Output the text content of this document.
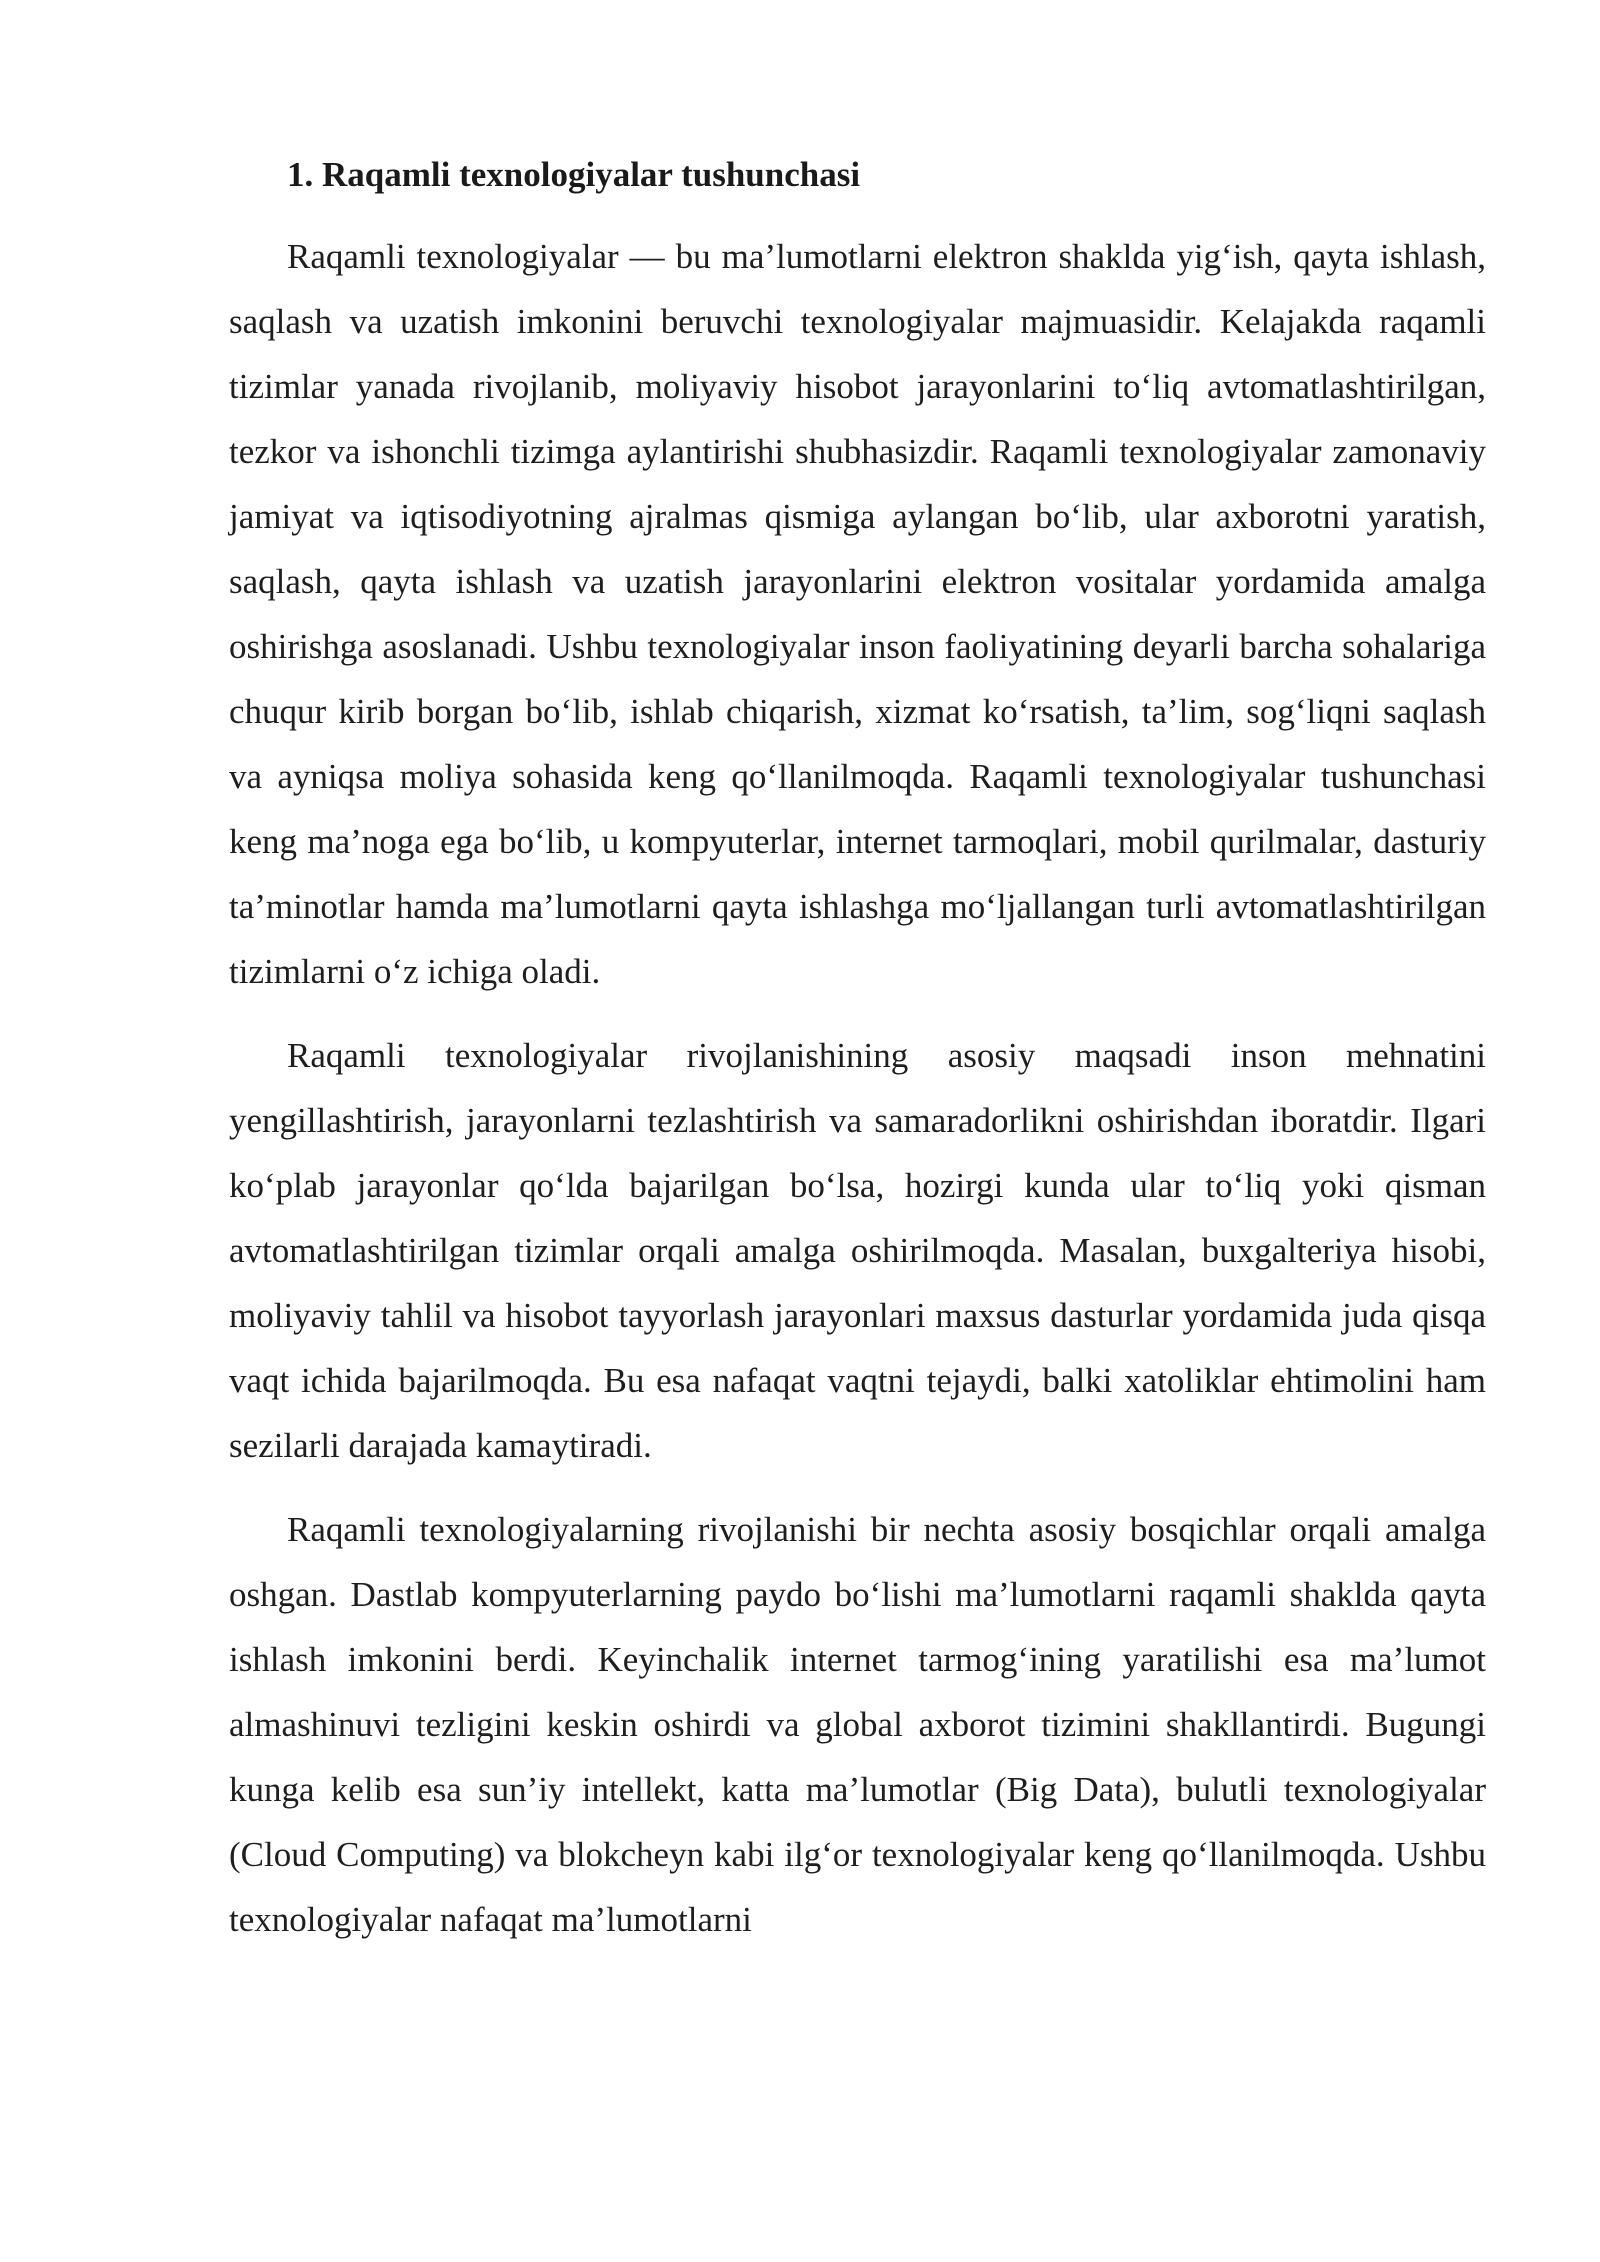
1. Raqamli texnologiyalar tushunchasi

Raqamli texnologiyalar — bu ma’lumotlarni elektron shaklda yig‘ish, qayta ishlash, saqlash va uzatish imkonini beruvchi texnologiyalar majmuasidir. Kelajakda raqamli tizimlar yanada rivojlanib, moliyaviy hisobot jarayonlarini to‘liq avtomatlashtirilgan, tezkor va ishonchli tizimga aylantirishi shubhasizdir. Raqamli texnologiyalar zamonaviy jamiyat va iqtisodiyotning ajralmas qismiga aylangan bo‘lib, ular axborotni yaratish, saqlash, qayta ishlash va uzatish jarayonlarini elektron vositalar yordamida amalga oshirishga asoslanadi. Ushbu texnologiyalar inson faoliyatining deyarli barcha sohalariga chuqur kirib borgan bo‘lib, ishlab chiqarish, xizmat ko‘rsatish, ta’lim, sog‘liqni saqlash va ayniqsa moliya sohasida keng qo‘llanilmoqda. Raqamli texnologiyalar tushunchasi keng ma’noga ega bo‘lib, u kompyuterlar, internet tarmoqlari, mobil qurilmalar, dasturiy ta’minotlar hamda ma’lumotlarni qayta ishlashga mo‘ljallangan turli avtomatlashtirilgan tizimlarni o‘z ichiga oladi.

Raqamli texnologiyalar rivojlanishining asosiy maqsadi inson mehnatini yengillashtirish, jarayonlarni tezlashtirish va samaradorlikni oshirishdan iboratdir. Ilgari ko‘plab jarayonlar qo‘lda bajarilgan bo‘lsa, hozirgi kunda ular to‘liq yoki qisman avtomatlashtirilgan tizimlar orqali amalga oshirilmoqda. Masalan, buxgalteriya hisobi, moliyaviy tahlil va hisobot tayyorlash jarayonlari maxsus dasturlar yordamida juda qisqa vaqt ichida bajarilmoqda. Bu esa nafaqat vaqtni tejaydi, balki xatoliklar ehtimolini ham sezilarli darajada kamaytiradi.

Raqamli texnologiyalarning rivojlanishi bir nechta asosiy bosqichlar orqali amalga oshgan. Dastlab kompyuterlarning paydo bo‘lishi ma’lumotlarni raqamli shaklda qayta ishlash imkonini berdi. Keyinchalik internet tarmog‘ining yaratilishi esa ma’lumot almashinuvi tezligini keskin oshirdi va global axborot tizimini shakllantirdi. Bugungi kunga kelib esa sun’iy intellekt, katta ma’lumotlar (Big Data), bulutli texnologiyalar (Cloud Computing) va blokcheyn kabi ilg‘or texnologiyalar keng qo‘llanilmoqda. Ushbu texnologiyalar nafaqat ma’lumotlarni
